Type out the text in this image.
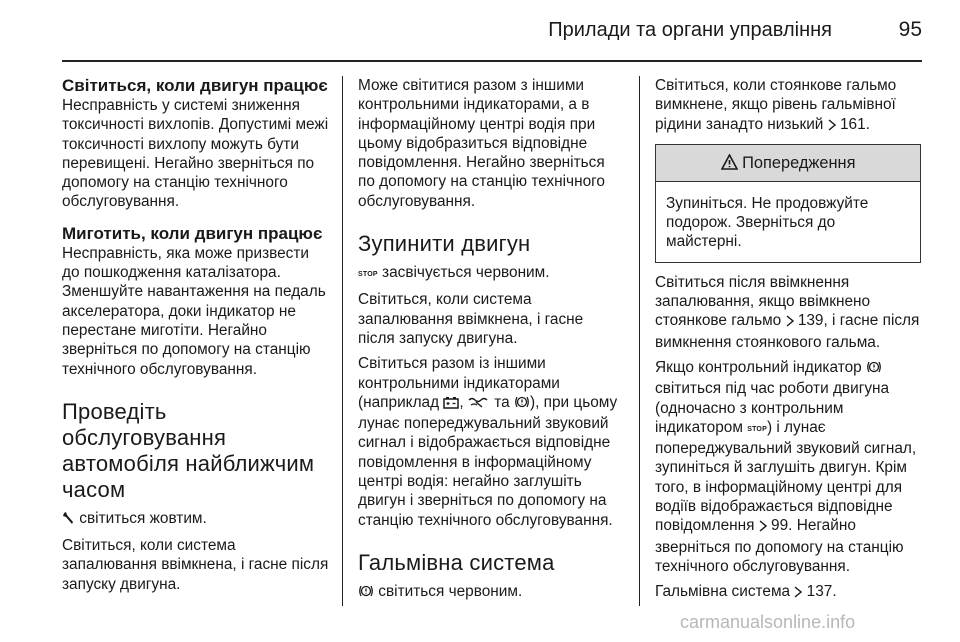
Прилади та органи управління	95
Світиться, коли двигун працює

Несправність у системі зниження токсичності вихлопів. Допустимі межі токсичності вихлопу можуть бути перевищені. Негайно зверніться по допомогу на станцію технічного обслуговування.

Миготить, коли двигун працює

Несправність, яка може призвести до пошкодження каталізатора. Зменшуйте навантаження на педаль акселератора, доки індикатор не перестане миготіти. Негайно зверніться по допомогу на станцію технічного обслуговування.

Проведіть обслуговування автомобіля найближчим часом

світиться жовтим.

Світиться, коли система запалювання ввімкнена, і гасне після запуску двигуна.

Може світитися разом з іншими контрольними індикаторами, а в інформаційному центрі водія при цьому відобразиться відповідне повідомлення. Негайно зверніться по допомогу на станцію технічного обслуговування.

Зупинити двигун

STOP засвічується червоним.

Світиться, коли система запалювання ввімкнена, і гасне після запуску двигуна.

Світиться разом із іншими контрольними індикаторами (наприклад , та ), при цьому лунає попереджувальний звуковий сигнал і відображається відповідне повідомлення в інформаційному центрі водія: негайно заглушіть двигун і зверніться по допомогу на станцію технічного обслуговування.

Гальмівна система

світиться червоним.

Світиться, коли стоянкове гальмо вимкнене, якщо рівень гальмівної рідини занадто низький 161.

Попередження

Зупиніться. Не продовжуйте подорож. Зверніться до майстерні.

Світиться після ввімкнення запалювання, якщо ввімкнено стоянкове гальмо 139, і гасне після вимкнення стоянкового гальма.

Якщо контрольний індикатор  світиться під час роботи двигуна (одночасно з контрольним індикатором STOP) і лунає попереджувальний звуковий сигнал, зупиніться й заглушіть двигун. Крім того, в інформаційному центрі для водіїв відображається відповідне повідомлення 99. Негайно зверніться по допомогу на станцію технічного обслуговування.

Гальмівна система 137.

carmanualsonline.info
